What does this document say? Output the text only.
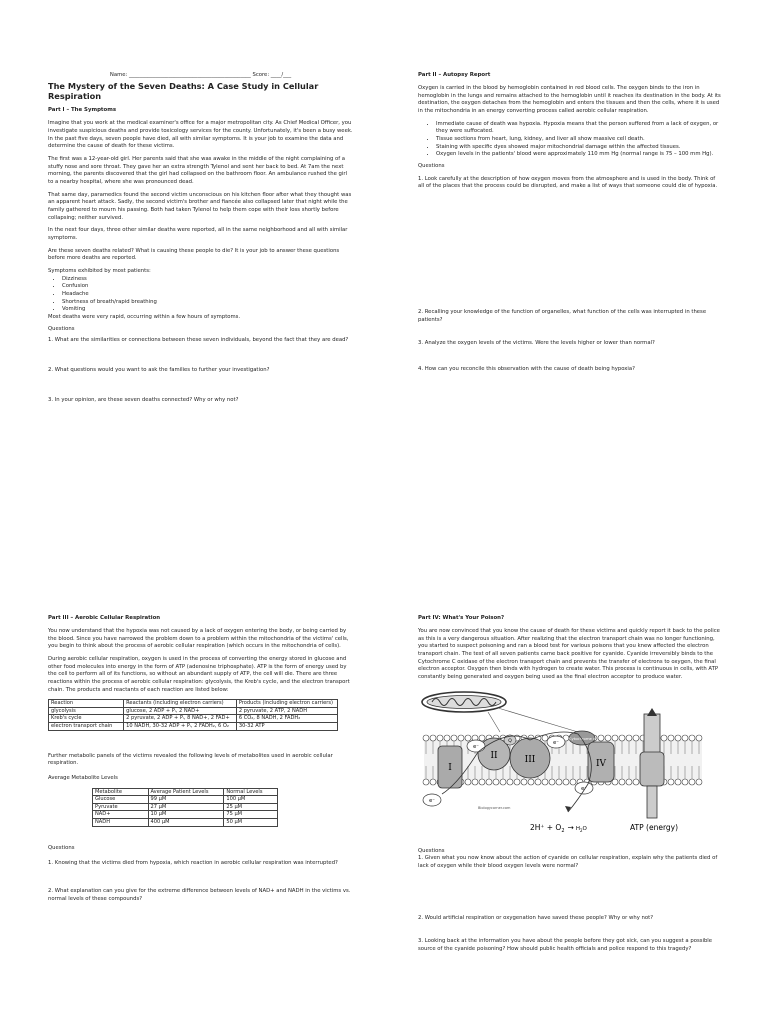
Name: ______________________________________________ Score: ____/___
The Mystery of the Seven Deaths: A Case Study in Cellular Respiration
Part I – The Symptoms

Imagine that you work at the medical examiner's office for a major metropolitan city. As Chief Medical Officer, you investigate suspicious deaths and provide toxicology services for the county. Unfortunately, it's been a busy week. In the past five days, seven people have died, all with similar symptoms. It is your job to examine the data and determine the cause of death for these victims.

The first was a 12-year-old girl. Her parents said that she was awake in the middle of the night complaining of a stuffy nose and sore throat. They gave her an extra strength Tylenol and sent her back to bed. At 7am the next morning, the parents discovered that the girl had collapsed on the bathroom floor. An ambulance rushed the girl to a nearby hospital, where she was pronounced dead.

That same day, paramedics found the second victim unconscious on his kitchen floor after what they thought was an apparent heart attack. Sadly, the second victim's brother and fiancée also collapsed later that night while the family gathered to mourn his passing. Both had taken Tylenol to help them cope with their loss shortly before collapsing; neither survived.

In the next four days, three other similar deaths were reported, all in the same neighborhood and all with similar symptoms.

Are these seven deaths related? What is causing these people to die? It is your job to answer these questions before more deaths are reported.

Symptoms exhibited by most patients:
• Dizziness
• Confusion
• Headache
• Shortness of breath/rapid breathing
• Vomiting

Most deaths were very rapid, occurring within a few hours of symptoms.

Questions

1. What are the similarities or connections between these seven individuals, beyond the fact that they are dead?

2. What questions would you want to ask the families to further your investigation?

3. In your opinion, are these seven deaths connected? Why or why not?

Part II – Autopsy Report

Oxygen is carried in the blood by hemoglobin contained in red blood cells. The oxygen binds to the iron in hemoglobin in the lungs and remains attached to the hemoglobin until it reaches its destination in the body. At its destination, the oxygen detaches from the hemoglobin and enters the tissues and then the cells, where it is used in the mitochondria in an energy converting process called aerobic cellular respiration.

• Immediate cause of death was hypoxia. Hypoxia means that the person suffered from a lack of oxygen, or they were suffocated.
• Tissue sections from heart, lung, kidney, and liver all show massive cell death.
• Staining with specific dyes showed major mitochondrial damage within the affected tissues.
• Oxygen levels in the patients' blood were approximately 110 mm Hg (normal range is 75 – 100 mm Hg).
Questions

1. Look carefully at the description of how oxygen moves from the atmosphere and is used in the body. Think of all of the places that the process could be disrupted, and make a list of ways that someone could die of hypoxia.

2. Recalling your knowledge of the function of organelles, what function of the cells was interrupted in these patients?

3. Analyze the oxygen levels of the victims. Were the levels higher or lower than normal?

4. How can you reconcile this observation with the cause of death being hypoxia?

Part III – Aerobic Cellular Respiration

You now understand that the hypoxia was not caused by a lack of oxygen entering the body, or being carried by the blood. Since you have narrowed the problem down to a problem within the mitochondria of the victims' cells, you begin to think about the process of aerobic cellular respiration (which occurs in the mitochondria of cells).

During aerobic cellular respiration, oxygen is used in the process of converting the energy stored in glucose and other food molecules into energy in the form of ATP (adenosine triphosphate). ATP is the form of energy used by the cell to perform all of its functions, so without an abundant supply of ATP, the cell will die. There are three reactions within the process of aerobic cellular respiration: glycolysis, the Kreb's cycle, and the electron transport chain. The products and reactants of each reaction are listed below:

Reaction	Reactants (including electron carriers)	Products (including electron carriers)
glycolysis	glucose, 2 ADP + Pᵢ, 2 NAD+	2 pyruvate, 2 ATP, 2 NADH
Kreb's cycle	2 pyruvate, 2 ADP + Pᵢ, 8 NAD+, 2 FAD+	6 CO₂, 8 NADH, 2 FADH₂
electron transport chain	10 NADH, 30-32 ADP + Pᵢ, 2 FADH₂, 6 O₂	30-32 ATP

Further metabolic panels of the victims revealed the following levels of metabolites used in aerobic cellular respiration.

Average Metabolite Levels
Metabolite	Average Patient Levels	Normal Levels
Glucose	99 μM	100 μM
Pyruvate	27 μM	25 μM
NAD+	10 μM	75 μM
NADH	400 μM	50 μM
Questions

1. Knowing that the victims died from hypoxia, which reaction in aerobic cellular respiration was interrupted?

2. What explanation can you give for the extreme difference between levels of NAD+ and NADH in the victims vs. normal levels of these compounds?

Part IV: What's Your Poison?

You are now convinced that you know the cause of death for these victims and quickly report it back to the police as this is a very dangerous situation. After realizing that the electron transport chain was no longer functioning, you started to suspect poisoning and ran a blood test for various poisons that you knew affected the electron transport chain. The test of all seven patients came back positive for cyanide. Cyanide irreversibly binds to the Cytochrome C oxidase of the electron transport chain and prevents the transfer of electrons to oxygen, the final electron acceptor. Oxygen then binds with hydrogen to create water. This process is continuous in cells, with ATP constantly being generated and oxygen being used as the final electron acceptor to produce water.

I
II
e⁻
III
Q	e⁻
Cytochrome c
IV
e⁻
e⁻
Biologycorner.com
$2H^+ + O_2 \to H_2^O$	ATP (energy)
Questions

1. Given what you now know about the action of cyanide on cellular respiration, explain why the patients died of lack of oxygen while their blood oxygen levels were normal?

2. Would artificial respiration or oxygenation have saved these people? Why or why not?

3. Looking back at the information you have about the people before they got sick, can you suggest a possible source of the cyanide poisoning? How should public health officials and police respond to this tragedy?
